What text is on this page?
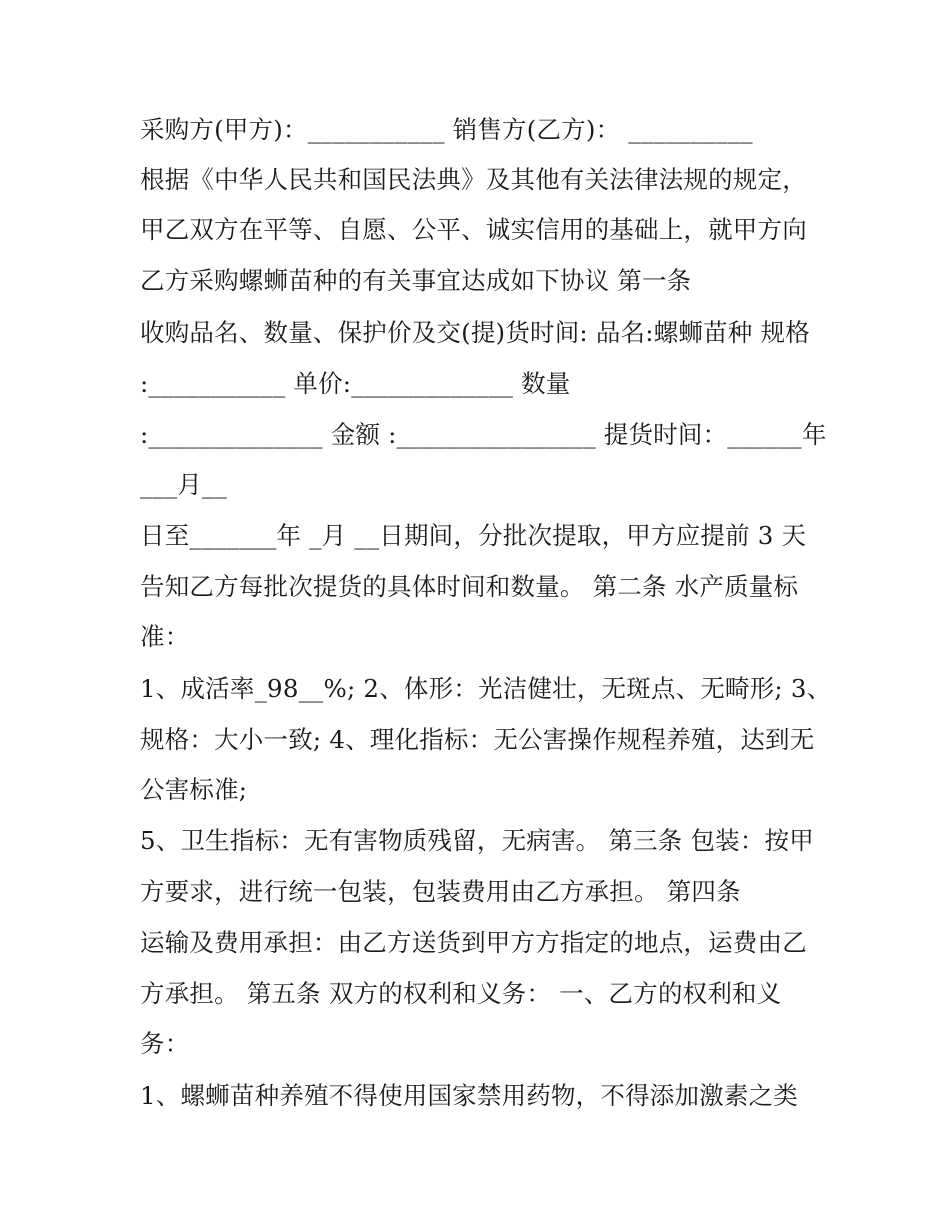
采购方(甲方)：___________ 销售方(乙方)： __________
根据《中华人民共和国民法典》及其他有关法律法规的规定，
甲乙双方在平等、自愿、公平、诚实信用的基础上，就甲方向
乙方采购螺蛳苗种的有关事宜达成如下协议 第一条
收购品名、数量、保护价及交(提)货时间: 品名:螺蛳苗种 规格
:___________ 单价:_____________ 数量
:______________ 金额 :________________ 提货时间：______年
___月__
日至_______年 _月 __日期间，分批次提取，甲方应提前 3 天
告知乙方每批次提货的具体时间和数量。 第二条 水产质量标
准：
1、成活率_98__%; 2、体形：光洁健壮，无斑点、无畸形; 3、
规格：大小一致; 4、理化指标：无公害操作规程养殖，达到无
公害标准;
5、卫生指标：无有害物质残留，无病害。 第三条 包装：按甲
方要求，进行统一包装，包装费用由乙方承担。 第四条
运输及费用承担：由乙方送货到甲方方指定的地点，运费由乙
方承担。 第五条 双方的权利和义务： 一、乙方的权利和义
务：
1、螺蛳苗种养殖不得使用国家禁用药物，不得添加激素之类
